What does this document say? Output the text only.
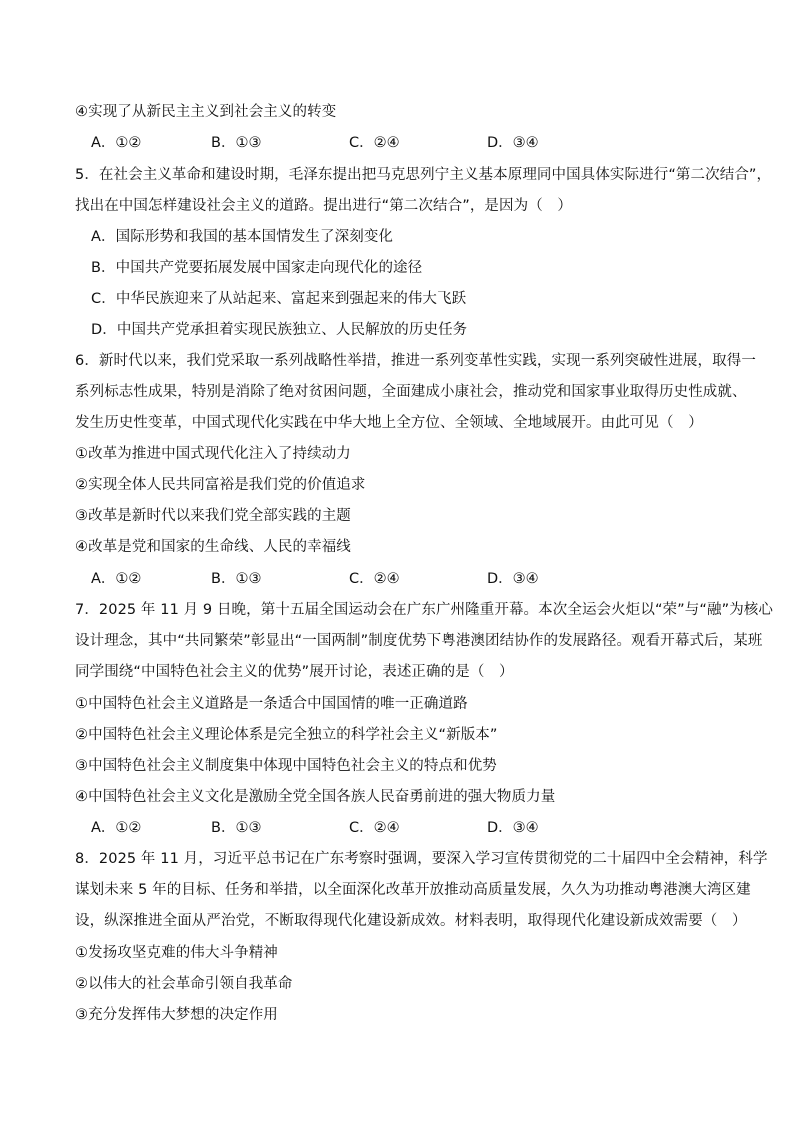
④实现了从新民主主义到社会主义的转变
A．①②	B．①③	C．②④	D．③④
5．在社会主义革命和建设时期，毛泽东提出把马克思列宁主义基本原理同中国具体实际进行“第二次结合”，
找出在中国怎样建设社会主义的道路。提出进行“第二次结合”，是因为（　）
A．国际形势和我国的基本国情发生了深刻变化
B．中国共产党要拓展发展中国家走向现代化的途径
C．中华民族迎来了从站起来、富起来到强起来的伟大飞跃
D．中国共产党承担着实现民族独立、人民解放的历史任务
6．新时代以来，我们党采取一系列战略性举措，推进一系列变革性实践，实现一系列突破性进展，取得一
系列标志性成果，特别是消除了绝对贫困问题，全面建成小康社会，推动党和国家事业取得历史性成就、
发生历史性变革，中国式现代化实践在中华大地上全方位、全领域、全地域展开。由此可见（　）
①改革为推进中国式现代化注入了持续动力
②实现全体人民共同富裕是我们党的价值追求
③改革是新时代以来我们党全部实践的主题
④改革是党和国家的生命线、人民的幸福线
A．①②	B．①③	C．②④	D．③④
7．2025 年 11 月 9 日晚，第十五届全国运动会在广东广州隆重开幕。本次全运会火炬以“荣”与“融”为核心
设计理念，其中“共同繁荣”彰显出“一国两制”制度优势下粤港澳团结协作的发展路径。观看开幕式后，某班
同学围绕“中国特色社会主义的优势”展开讨论，表述正确的是（　）
①中国特色社会主义道路是一条适合中国国情的唯一正确道路
②中国特色社会主义理论体系是完全独立的科学社会主义“新版本”
③中国特色社会主义制度集中体现中国特色社会主义的特点和优势
④中国特色社会主义文化是激励全党全国各族人民奋勇前进的强大物质力量
A．①②	B．①③	C．②④	D．③④
8．2025 年 11 月，习近平总书记在广东考察时强调，要深入学习宣传贯彻党的二十届四中全会精神，科学
谋划未来 5 年的目标、任务和举措，以全面深化改革开放推动高质量发展，久久为功推动粤港澳大湾区建
设，纵深推进全面从严治党，不断取得现代化建设新成效。材料表明，取得现代化建设新成效需要（　）
①发扬攻坚克难的伟大斗争精神
②以伟大的社会革命引领自我革命
③充分发挥伟大梦想的决定作用
